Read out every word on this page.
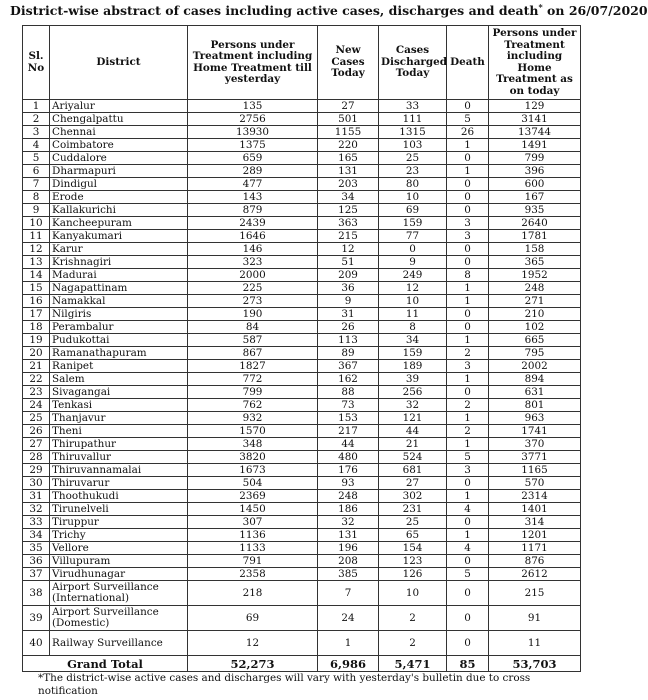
District-wise abstract of cases including active cases, discharges and death* on 26/07/2020
Sl. No	District	Persons under Treatment including Home Treatment till yesterday	New Cases Today	Cases Discharged Today	Death	Persons under Treatment including Home Treatment as on today
1	Ariyalur	135	27	33	0	129
2	Chengalpattu	2756	501	111	5	3141
3	Chennai	13930	1155	1315	26	13744
4	Coimbatore	1375	220	103	1	1491
5	Cuddalore	659	165	25	0	799
6	Dharmapuri	289	131	23	1	396
7	Dindigul	477	203	80	0	600
8	Erode	143	34	10	0	167
9	Kallakurichi	879	125	69	0	935
10	Kancheepuram	2439	363	159	3	2640
11	Kanyakumari	1646	215	77	3	1781
12	Karur	146	12	0	0	158
13	Krishnagiri	323	51	9	0	365
14	Madurai	2000	209	249	8	1952
15	Nagapattinam	225	36	12	1	248
16	Namakkal	273	9	10	1	271
17	Nilgiris	190	31	11	0	210
18	Perambalur	84	26	8	0	102
19	Pudukottai	587	113	34	1	665
20	Ramanathapuram	867	89	159	2	795
21	Ranipet	1827	367	189	3	2002
22	Salem	772	162	39	1	894
23	Sivagangai	799	88	256	0	631
24	Tenkasi	762	73	32	2	801
25	Thanjavur	932	153	121	1	963
26	Theni	1570	217	44	2	1741
27	Thirupathur	348	44	21	1	370
28	Thiruvallur	3820	480	524	5	3771
29	Thiruvannamalai	1673	176	681	3	1165
30	Thiruvarur	504	93	27	0	570
31	Thoothukudi	2369	248	302	1	2314
32	Tirunelveli	1450	186	231	4	1401
33	Tiruppur	307	32	25	0	314
34	Trichy	1136	131	65	1	1201
35	Vellore	1133	196	154	4	1171
36	Villupuram	791	208	123	0	876
37	Virudhunagar	2358	385	126	5	2612
38	Airport Surveillance (International)	218	7	10	0	215
39	Airport Surveillance (Domestic)	69	24	2	0	91
40	Railway Surveillance	12	1	2	0	11
Grand Total		52,273	6,986	5,471	85	53,703
*The district-wise active cases and discharges will vary with yesterday's bulletin due to cross notification
